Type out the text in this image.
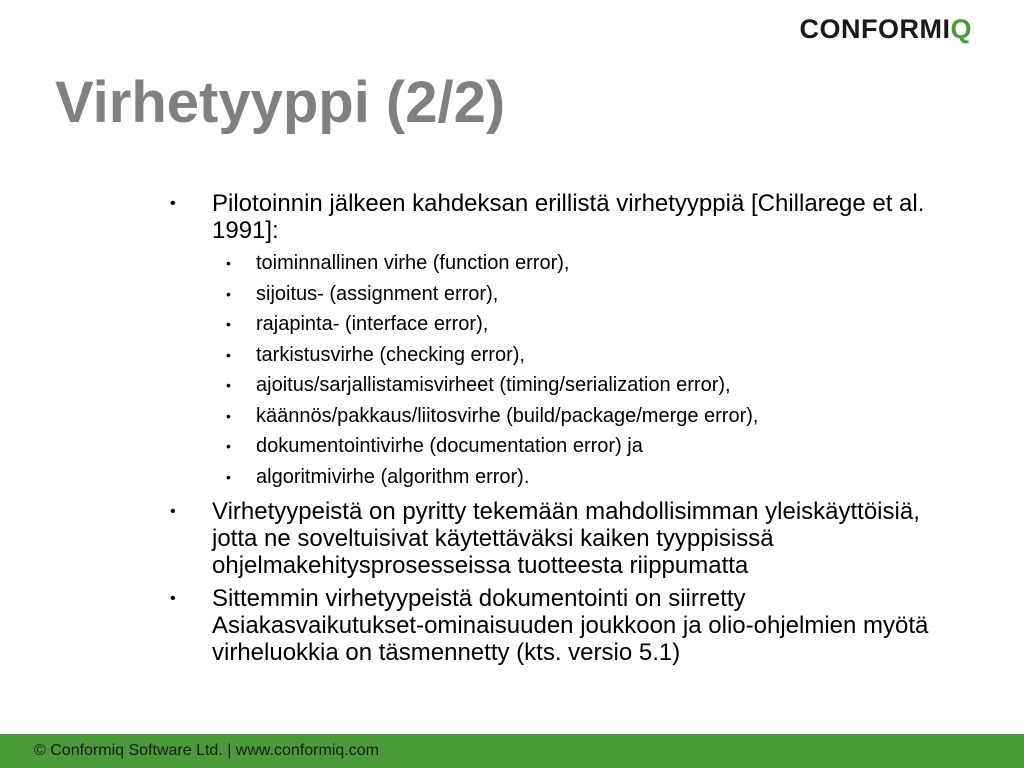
CONFORMIQ
Virhetyyppi (2/2)
•	Pilotoinnin jälkeen kahdeksan erillistä virhetyyppiä [Chillarege et al. 1991]:
• toiminnallinen virhe (function error),
• sijoitus- (assignment error),
• rajapinta- (interface error),
• tarkistusvirhe (checking error),
• ajoitus/sarjallistamisvirheet (timing/serialization error),
• käännös/pakkaus/liitosvirhe (build/package/merge error),
• dokumentointivirhe (documentation error) ja
• algoritmivirhe (algorithm error).
•	Virhetyypeistä on pyritty tekemään mahdollisimman yleiskäyttöisiä, jotta ne soveltuisivat käytettäväksi kaiken tyyppisissä ohjelmakehitysprosesseissa tuotteesta riippumatta
•	Sittemmin virhetyypeistä dokumentointi on siirretty Asiakasvaikutukset-ominaisuuden joukkoon ja olio-ohjelmien myötä virheluokkia on täsmennetty (kts. versio 5.1)
© Conformiq Software Ltd. | www.conformiq.com
